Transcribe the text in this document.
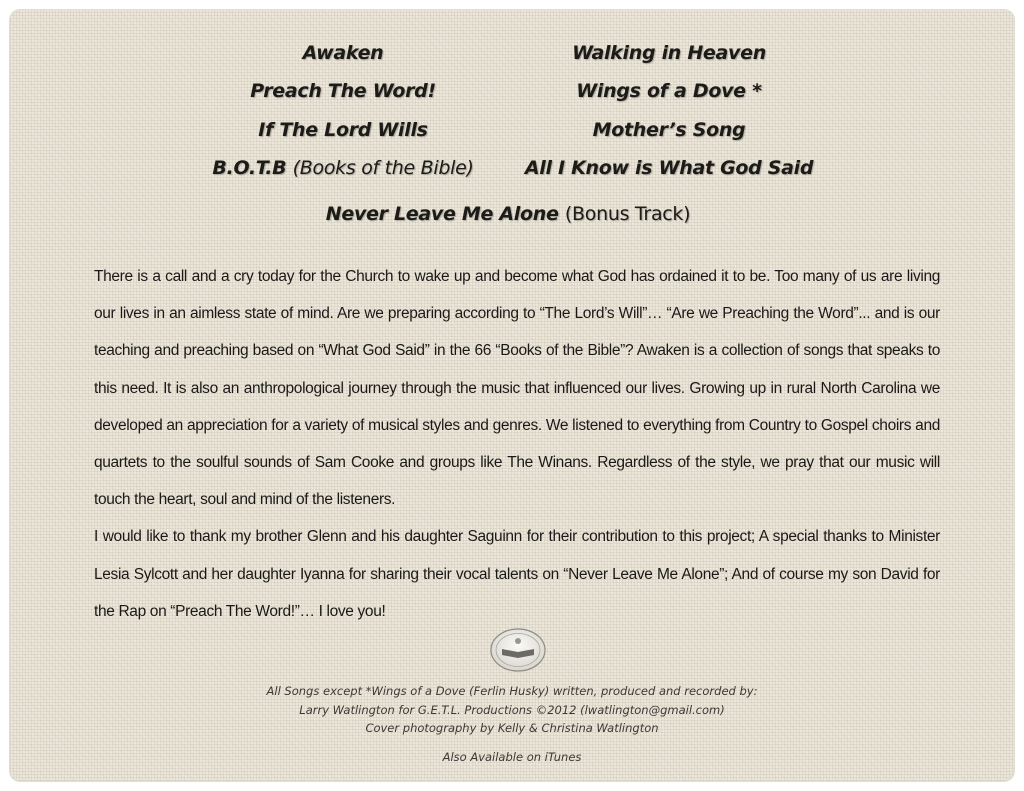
Awaken
Preach The Word!
If The Lord Wills
B.O.T.B (Books of the Bible)
Walking in Heaven
Wings of a Dove *
Mother’s Song
All I Know is What God Said
Never Leave Me Alone (Bonus Track)

There is a call and a cry today for the Church to wake up and become what God has ordained it to be. Too many of us are living our lives in an aimless state of mind. Are we preparing according to “The Lord’s Will”… “Are we Preaching the Word”... and is our teaching and preaching based on “What God Said” in the 66 “Books of the Bible”? Awaken is a collection of songs that speaks to this need. It is also an anthropological journey through the music that influenced our lives. Growing up in rural North Carolina we developed an appreciation for a variety of musical styles and genres. We listened to everything from Country to Gospel choirs and quartets to the soulful sounds of Sam Cooke and groups like The Winans. Regardless of the style, we pray that our music will touch the heart, soul and mind of the listeners.

I would like to thank my brother Glenn and his daughter Saguinn for their contribution to this project; A special thanks to Minister Lesia Sylcott and her daughter Iyanna for sharing their vocal talents on “Never Leave Me Alone”; And of course my son David for the Rap on “Preach The Word!”… I love you!

All Songs except *Wings of a Dove (Ferlin Husky) written, produced and recorded by:
Larry Watlington for G.E.T.L. Productions ©2012 (lwatlington@gmail.com)
Cover photography by Kelly & Christina Watlington
Also Available on iTunes
